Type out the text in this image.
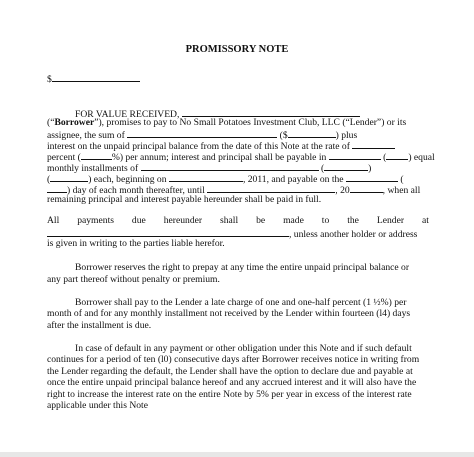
PROMISSORY NOTE
$
FOR VALUE RECEIVED,
(“Borrower”), promises to pay to No Small Potatoes Investment Club, LLC (“Lender”) or its
assignee, the sum of	($	) plus
interest on the unpaid principal balance from the date of this Note at the rate of
percent (	%) per annum; interest and principal shall be payable in	( ) equal
monthly installments of	(	)
(	) each, beginning on	, 2011, and payable on the	(
) day of each month thereafter, until	, 20	, when all
remaining principal and interest payable hereunder shall be paid in full.
All payments due hereunder shall be made to the Lender at
, unless another holder or address
is given in writing to the parties liable herefor.
Borrower reserves the right to prepay at any time the entire unpaid principal balance or
any part thereof without penalty or premium.
Borrower shall pay to the Lender a late charge of one and one-half percent (1 ½%) per
month of and for any monthly installment not received by the Lender within fourteen (l4) days
after the installment is due.
In case of default in any payment or other obligation under this Note and if such default
continues for a period of ten (l0) consecutive days after Borrower receives notice in writing from
the Lender regarding the default, the Lender shall have the option to declare due and payable at
once the entire unpaid principal balance hereof and any accrued interest and it will also have the
right to increase the interest rate on the entire Note by 5% per year in excess of the interest rate
applicable under this Note
